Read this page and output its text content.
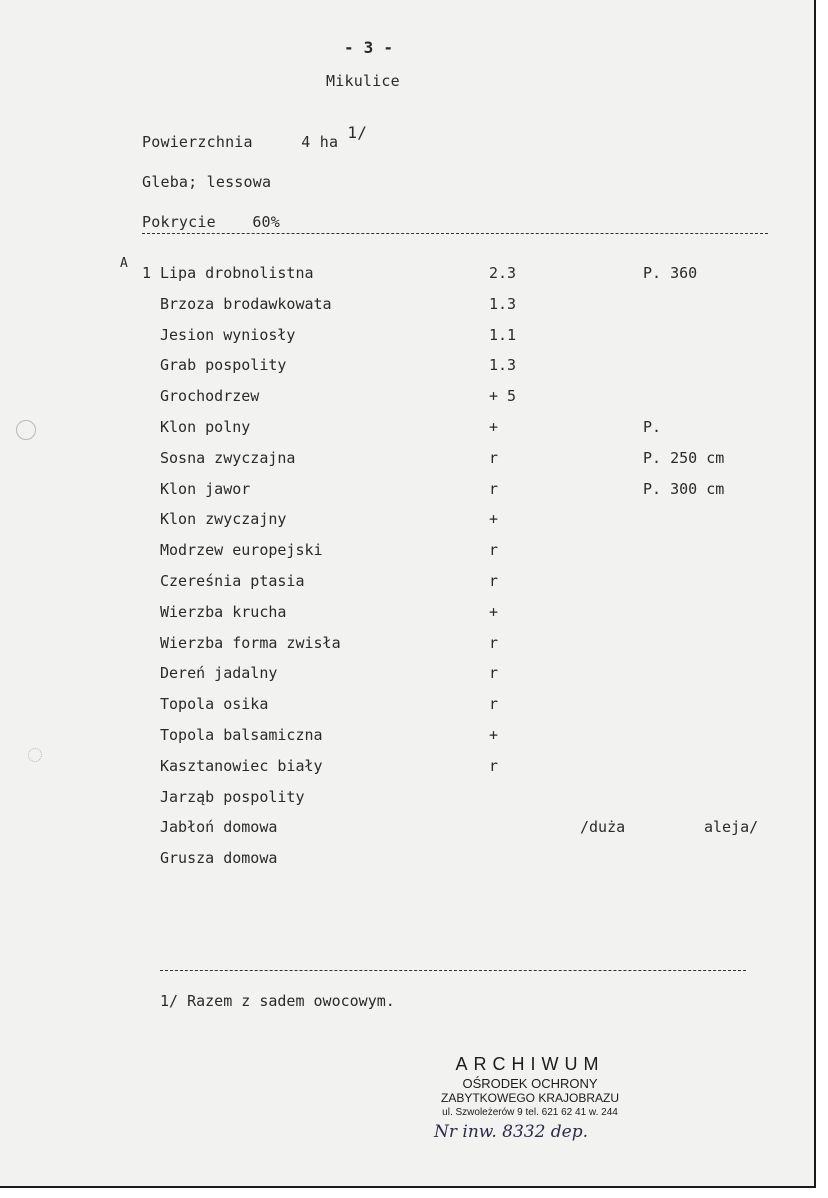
- 3 -
Mikulice
Powierzchnia	4 ha 1/
Gleba; lessowa
Pokrycie 60%
A
1 Lipa drobnolistna	2.3	P. 360
Brzoza brodawkowata	1.3
Jesion wyniosły	1.1
Grab pospolity	1.3
Grochodrzew	+ 5
Klon polny	+	P.
Sosna zwyczajna	r	P. 250 cm
Klon jawor	r	P. 300 cm
Klon zwyczajny	+
Modrzew europejski	r
Czereśnia ptasia	r
Wierzba krucha	+
Wierzba forma zwisła	r
Dereń jadalny	r
Topola osika	r
Topola balsamiczna	+
Kasztanowiec biały	r
Jarząb pospolity
Jabłoń domowa	/duża	aleja/
Grusza domowa
1/ Razem z sadem owocowym.
ARCHIWUM
OŚRODEK OCHRONY
ZABYTKOWEGO KRAJOBRAZU
ul. Szwoleżerów 9 tel. 621 62 41 w. 244
Nr inw. 8332 dep.
